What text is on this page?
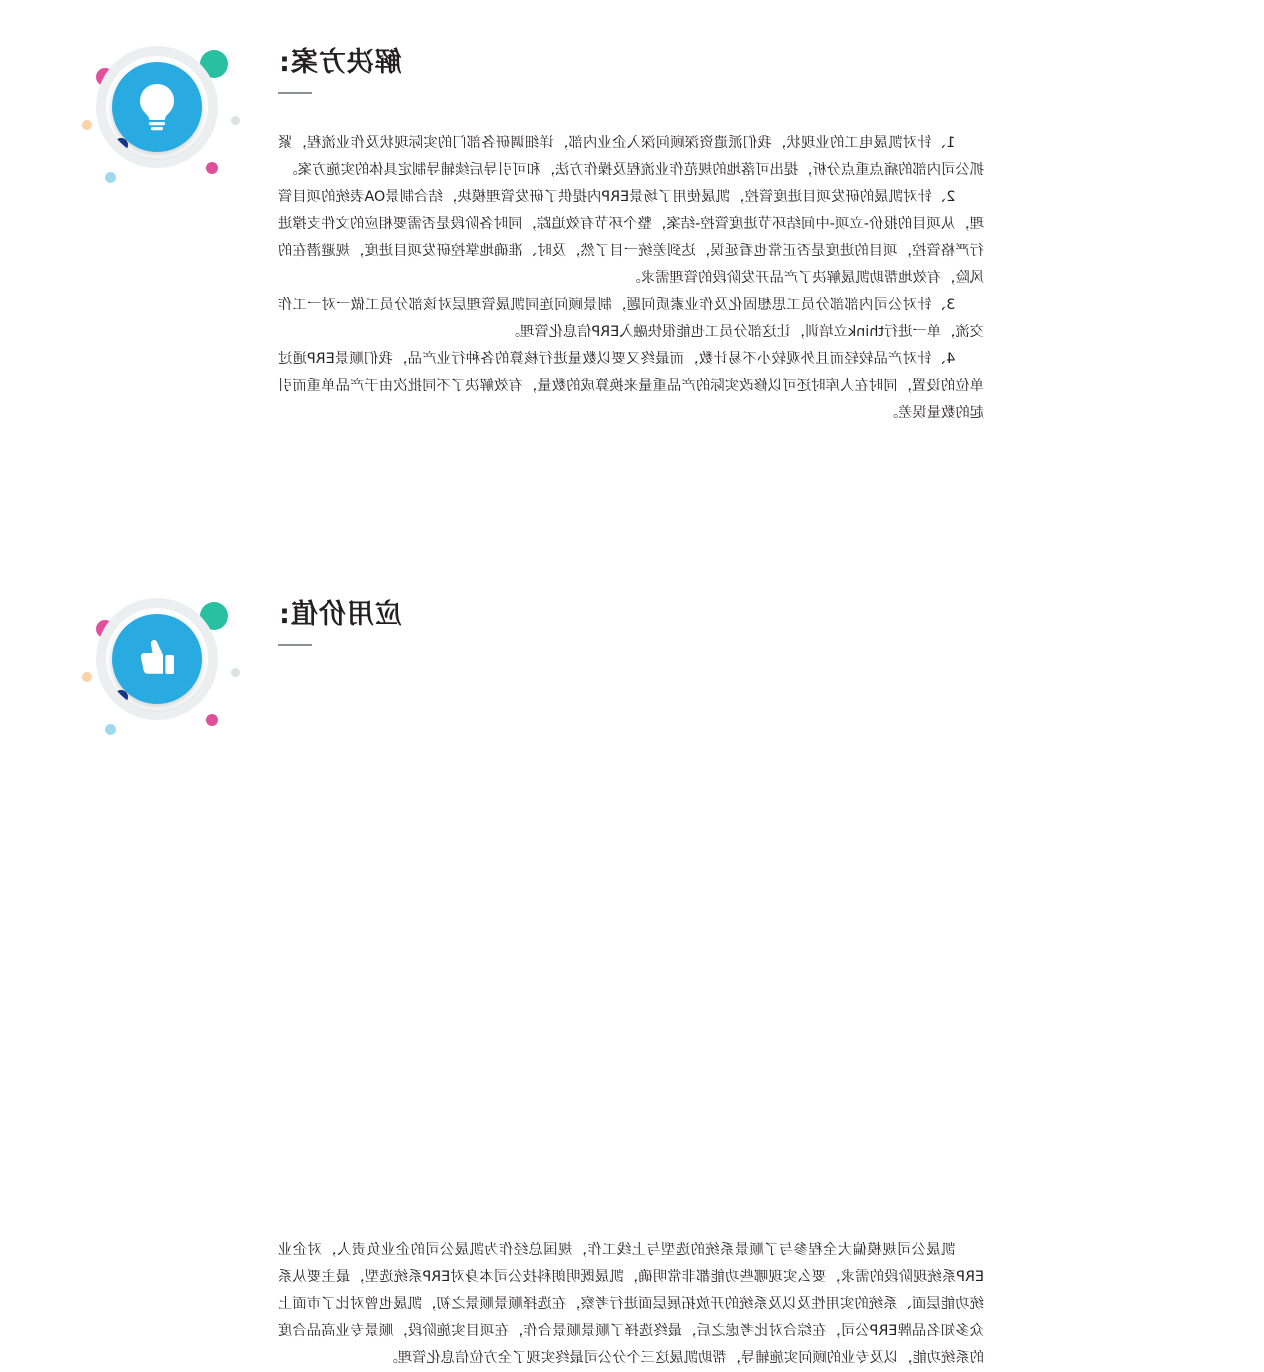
解决方案:

1、针对凯晟电工的业现状，我们派遣资深顾问深入企业内部，详细调研各部门的实际现状及作业流程，紧抓公司内部的痛点重点分析，提出可落地的规范作业流程及操作方法，和可引导后续辅导制定具体的实施方案。

2、针对凯晟的研发项目进度管控，凯晟使用了场景ERP内提供了研发管理模块，结合制景OA表统的项目管理，从项目的报价-立项-中间结环节进度管控-结案，整个环节有效追踪，同时各阶段是否需要相应的文件支撑进行严格管控，项目的进度是否正常也看延误，达到差统一目了然，及时、准确地掌控研发项目进度，规避潜在的风险，有效地帮助凯晟解决了产品开发阶段的管理需求。

3、针对公司内部部分员工思想固化及作业素质问题，制景顾问连同凯晟管理层对该部分员工做一对一工作交流，单一进行think立培训，让这部分员工也能很快融入ERP信息化管理。

4、针对产品较轻而且外观较小不易计数，而最终又要以数量进行核算的各种行业产品，我们顺景ERP通过单位的设置，同时在人库时还可以修改实际的产品重量来换算成的数量，有效解决了不同批次由于产品单重而引起的数量误差。

应用价值:

凯晟公司规模偏大全程参与了顺景系统的选型与上线工作，规国总经作为凯晟公司的企业负责人，对企业ERP系统现阶段的需求，要么实现哪些功能都非常明确，凯晟既明朗科技公司本身对ERP系统选型，最主要从系统功能层面、系统的实用性及以及系统的开放拓展层面进行考察，在选择顺景顺景之初，凯晟也曾对比了市面上众多知名品牌ERP公司，在综合对比考虑之后，最终选择了顺景顺景合作，在项目实施阶段，顺景专业高品合度的系统功能，以及专业的顾问实施辅导，帮助凯晟这三个分公司最终实现了全方位信息化管理。
